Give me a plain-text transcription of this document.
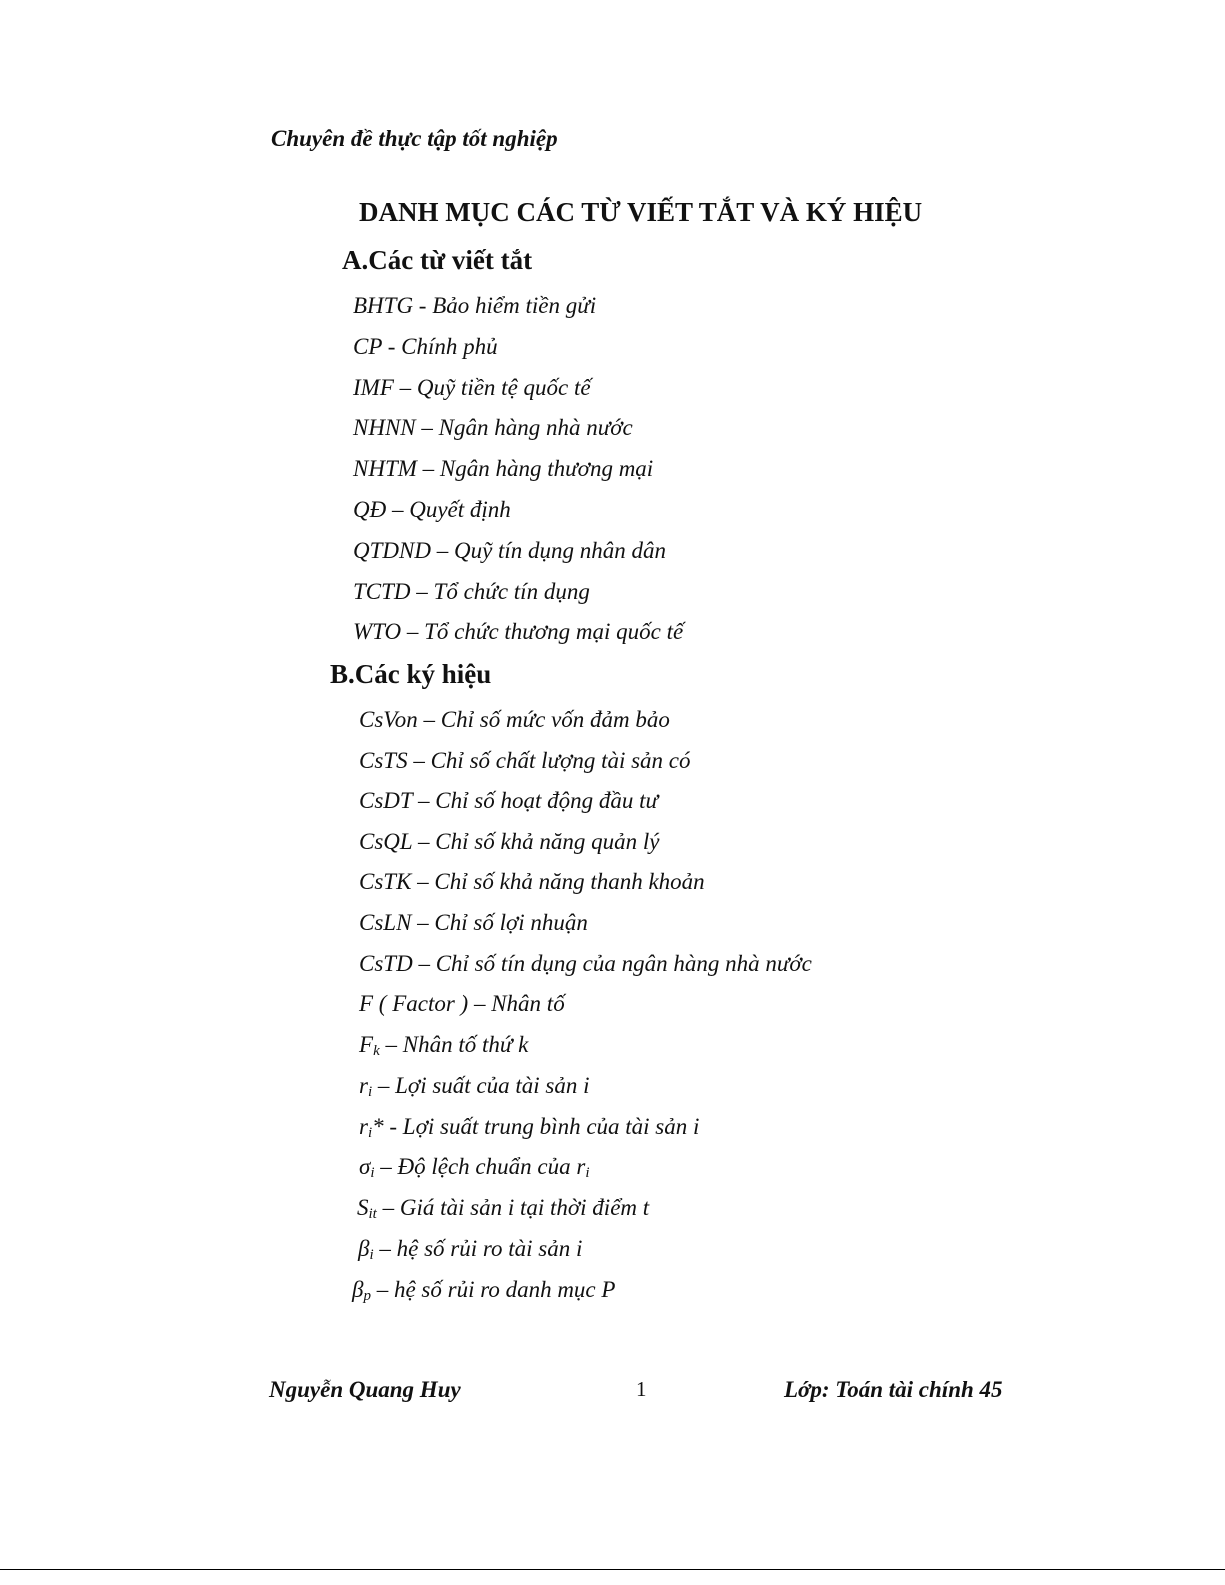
Chuyên đề thực tập tốt nghiệp
DANH MỤC CÁC TỪ VIẾT TẮT VÀ KÝ HIỆU
A.Các từ viết tắt
BHTG - Bảo hiểm tiền gửi
CP - Chính phủ
IMF – Quỹ tiền tệ quốc tế
NHNN – Ngân hàng nhà nước
NHTM – Ngân hàng thương mại
QĐ – Quyết định
QTDND – Quỹ tín dụng nhân dân
TCTD – Tổ chức tín dụng
WTO – Tổ chức thương mại quốc tế
B.Các ký hiệu
CsVon – Chỉ số mức vốn đảm bảo
CsTS – Chỉ số chất lượng tài sản có
CsDT – Chỉ số hoạt động đầu tư
CsQL – Chỉ số khả năng quản lý
CsTK – Chỉ số khả năng thanh khoản
CsLN – Chỉ số lợi nhuận
CsTD – Chỉ số tín dụng của ngân hàng nhà nước
F ( Factor ) – Nhân tố
$F_k$ – Nhân tố thứ k
$r_i$ – Lợi suất của tài sản i
$r_i*$ - Lợi suất trung bình của tài sản i
$\sigma_i$ – Độ lệch chuẩn của $r_i$
$S_{it}$ – Giá tài sản i tại thời điểm t
$\beta_i$ – hệ số rủi ro tài sản i
$\beta_p$ – hệ số rủi ro danh mục P
Nguyễn Quang Huy	1	Lớp: Toán tài chính 45
